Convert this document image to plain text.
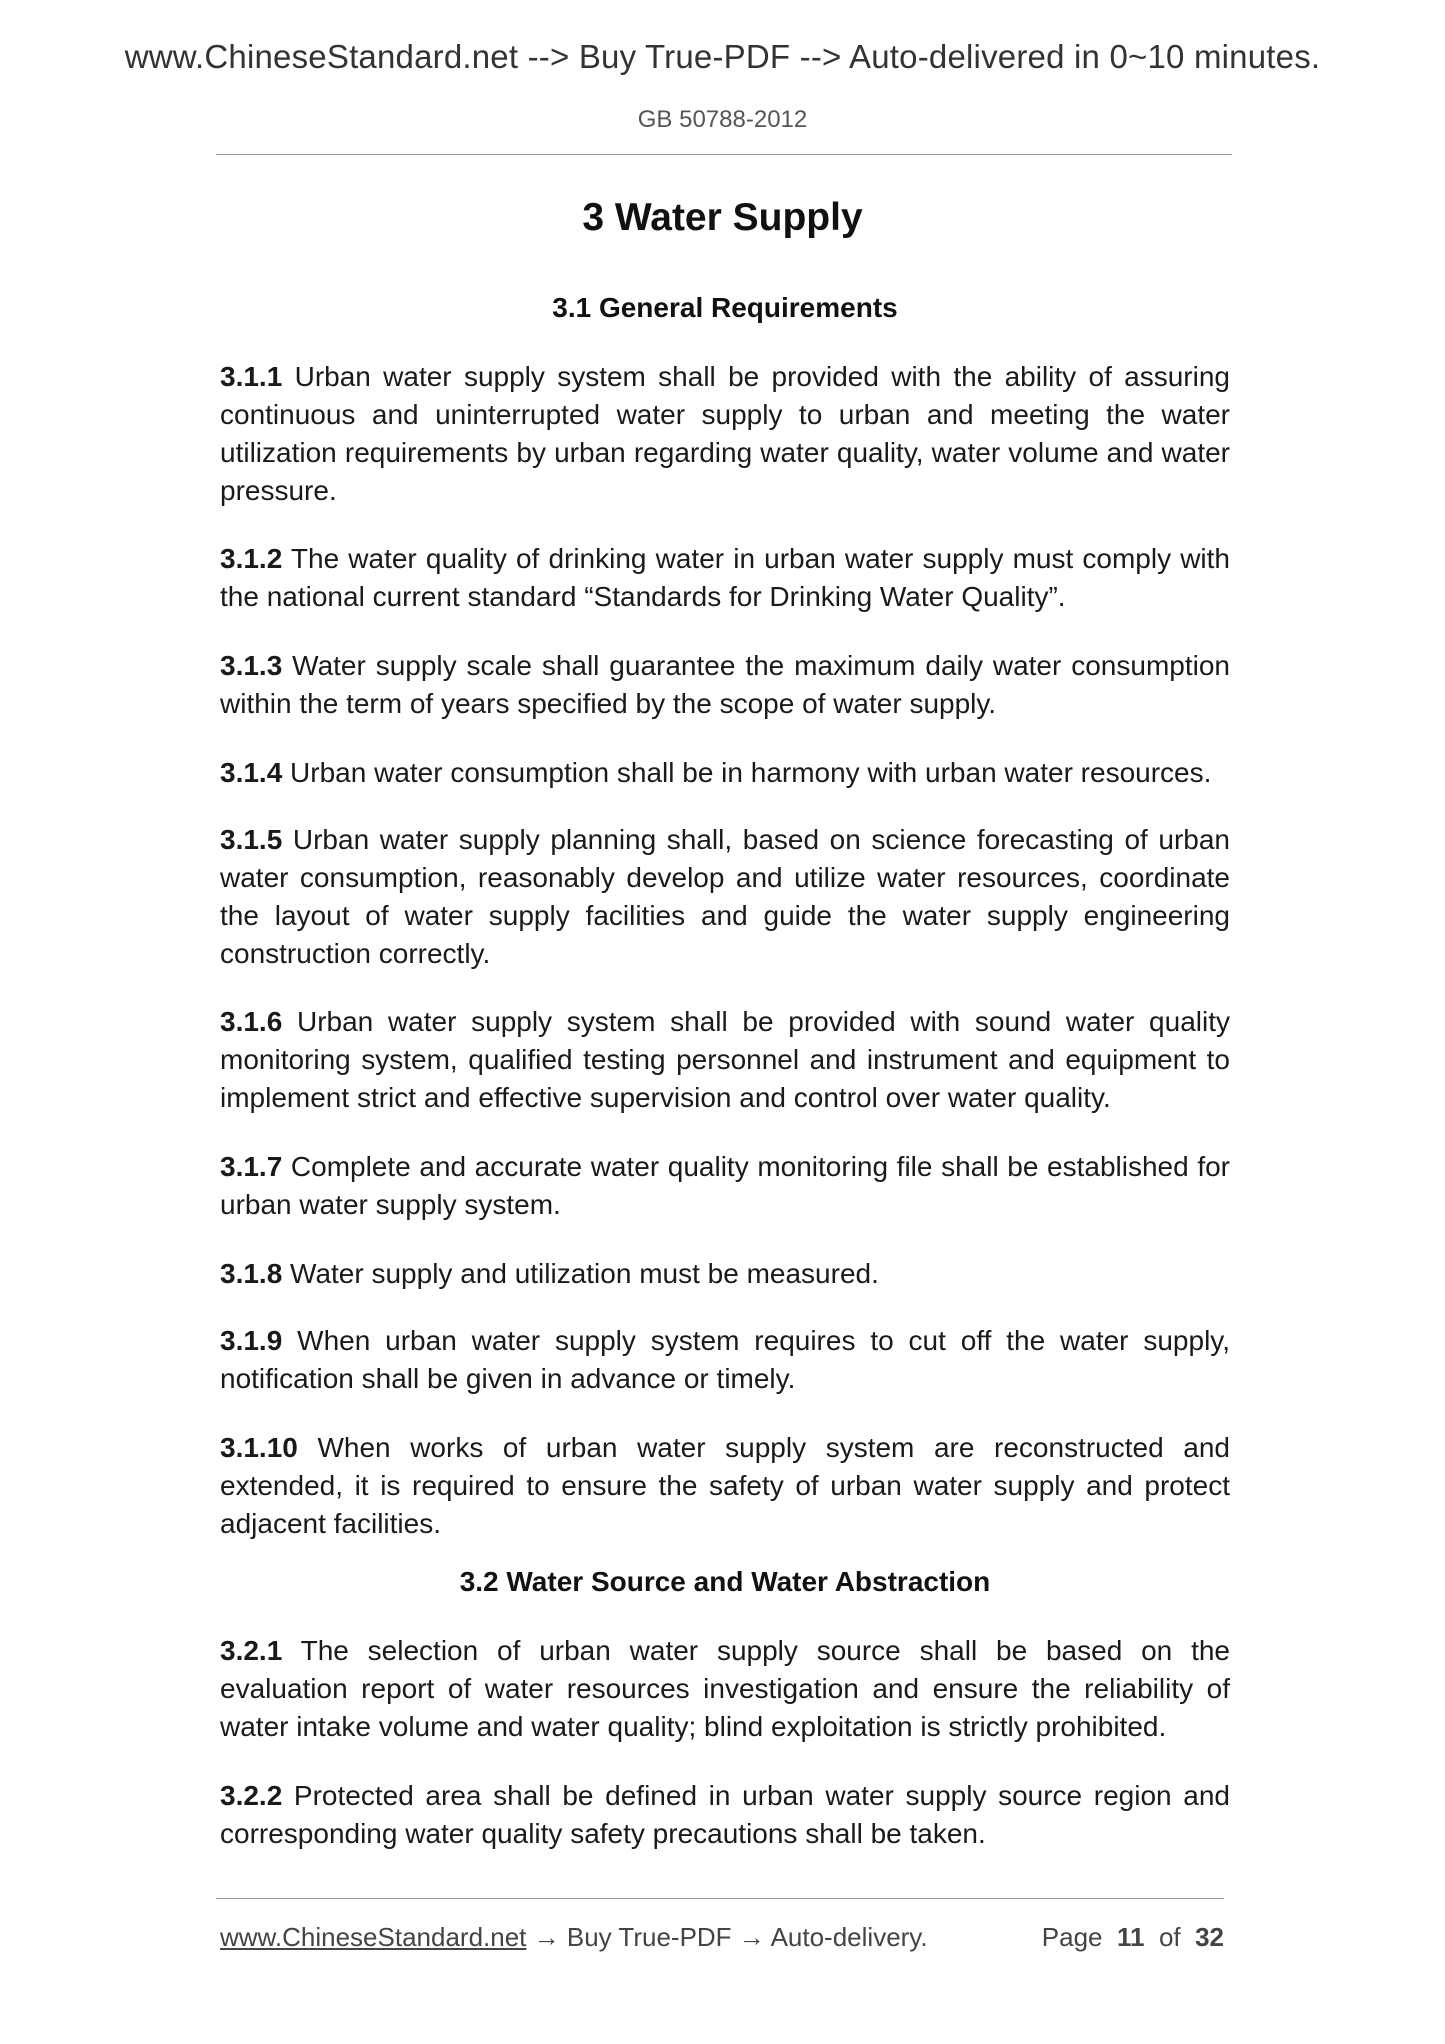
www.ChineseStandard.net --> Buy True-PDF --> Auto-delivered in 0~10 minutes.
GB 50788-2012
3 Water Supply
3.1 General Requirements
3.1.1 Urban water supply system shall be provided with the ability of assuring continuous and uninterrupted water supply to urban and meeting the water utilization requirements by urban regarding water quality, water volume and water pressure.
3.1.2 The water quality of drinking water in urban water supply must comply with the national current standard “Standards for Drinking Water Quality”.
3.1.3 Water supply scale shall guarantee the maximum daily water consumption within the term of years specified by the scope of water supply.
3.1.4 Urban water consumption shall be in harmony with urban water resources.
3.1.5 Urban water supply planning shall, based on science forecasting of urban water consumption, reasonably develop and utilize water resources, coordinate the layout of water supply facilities and guide the water supply engineering construction correctly.
3.1.6 Urban water supply system shall be provided with sound water quality monitoring system, qualified testing personnel and instrument and equipment to implement strict and effective supervision and control over water quality.
3.1.7 Complete and accurate water quality monitoring file shall be established for urban water supply system.
3.1.8 Water supply and utilization must be measured.
3.1.9 When urban water supply system requires to cut off the water supply, notification shall be given in advance or timely.
3.1.10 When works of urban water supply system are reconstructed and extended, it is required to ensure the safety of urban water supply and protect adjacent facilities.
3.2 Water Source and Water Abstraction
3.2.1 The selection of urban water supply source shall be based on the evaluation report of water resources investigation and ensure the reliability of water intake volume and water quality; blind exploitation is strictly prohibited.
3.2.2 Protected area shall be defined in urban water supply source region and corresponding water quality safety precautions shall be taken.
www.ChineseStandard.net → Buy True-PDF → Auto-delivery.	Page 11 of 32
